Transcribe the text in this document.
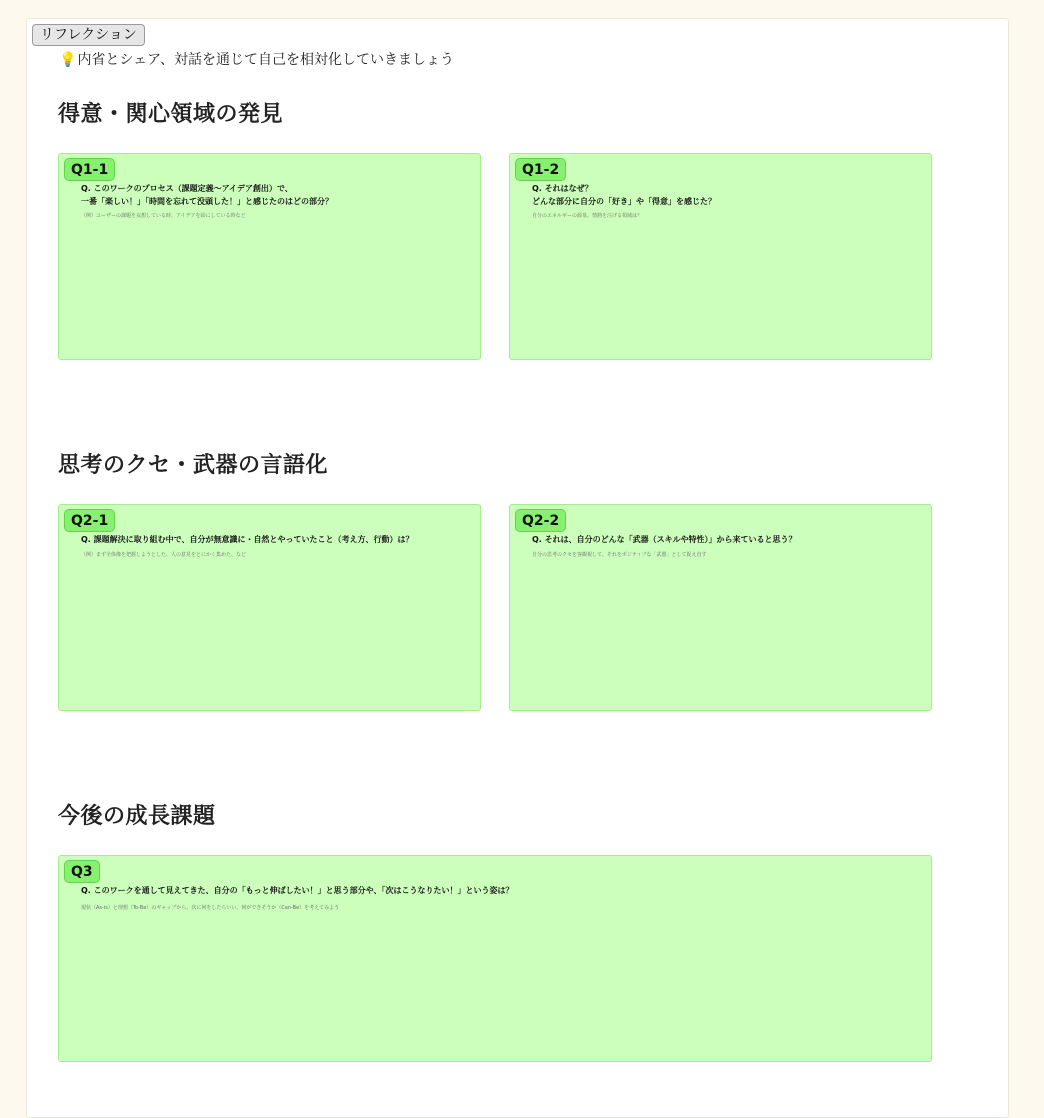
リフレクション
💡内省とシェア、対話を通じて自己を相対化していきましょう
得意・関心領域の発見
Q1-1
Q. このワークのプロセス（課題定義〜アイデア創出）で、
一番「楽しい！」「時間を忘れて没頭した！」と感じたのはどの部分？
（例）ユーザーの課題を妄想している時、アイデアを絵にしている時など
Q1-2
Q. それはなぜ？
どんな部分に自分の「好き」や「得意」を感じた？
自分のエネルギーの源泉、情熱を注げる領域は？
思考のクセ・武器の言語化
Q2-1
Q. 課題解決に取り組む中で、自分が無意識に・自然とやっていたこと（考え方、行動）は？
（例）まず全体像を把握しようとした、人の意見をとにかく集めた、など
Q2-2
Q. それは、自分のどんな「武器（スキルや特性）」から来ていると思う？
自分の思考のクセを客観視して、それをポジティブな「武器」として捉え直す
今後の成長課題
Q3
Q. このワークを通して見えてきた、自分の「もっと伸ばしたい！」と思う部分や、「次はこうなりたい！」という姿は？
現状（As-is）と理想（To-Be）のギャップから、次に何をしたらいい、何ができそうか（Can-Be）を考えてみよう
